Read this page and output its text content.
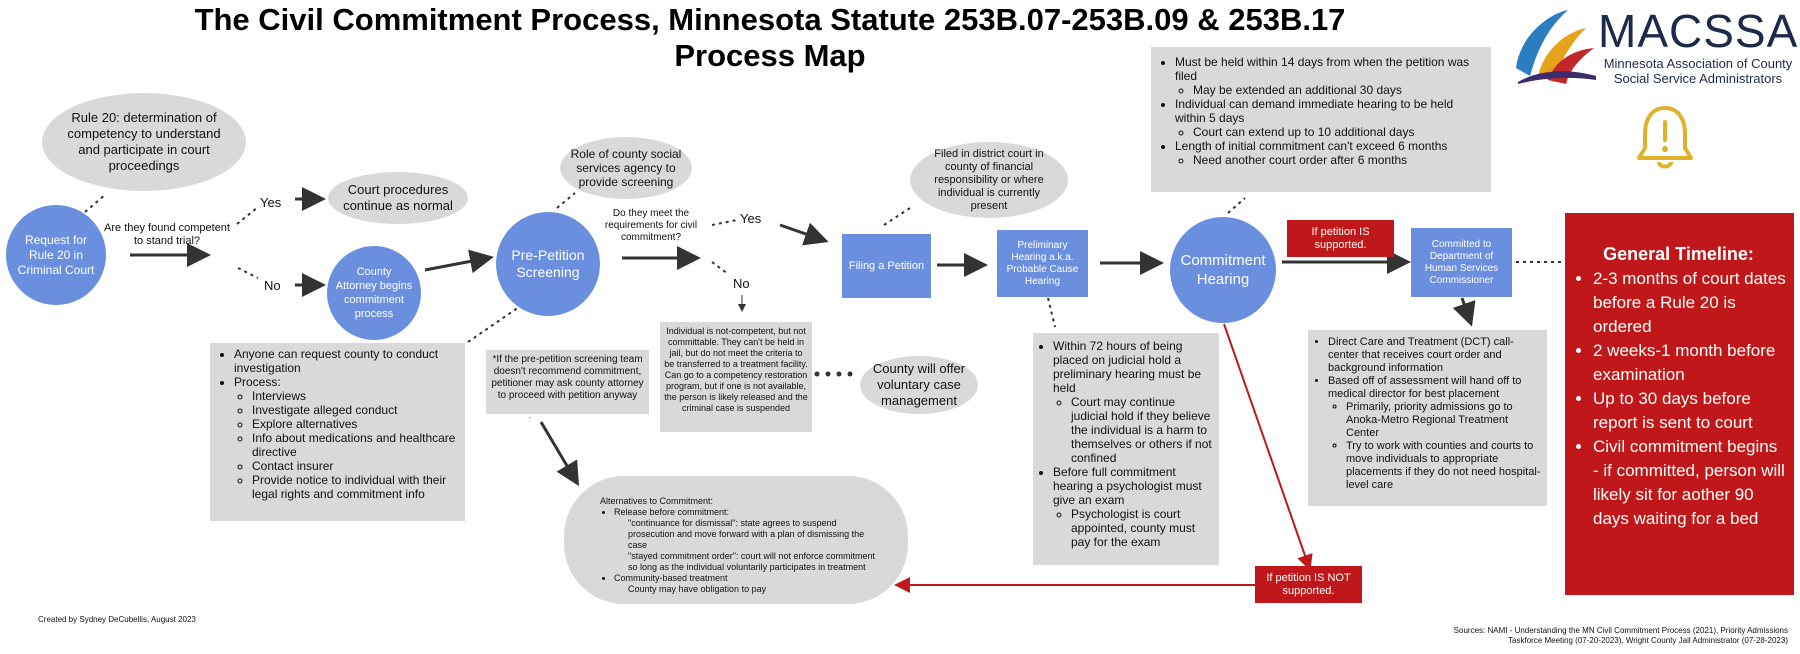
The Civil Commitment Process, Minnesota Statute 253B.07-253B.09 & 253B.17
Process Map	MACSSA
Minnesota Association of County
Social Service Administrators
Rule 20: determination of competency to understand and participate in court proceedings
Request for Rule 20 in Criminal Court
Are they found competent to stand trial?
Yes
No
Court procedures continue as normal
County Attorney begins commitment process
• Anyone can request county to conduct investigation
• Process:
◦ Interviews
◦ Investigate alleged conduct
◦ Explore alternatives
◦ Info about medications and healthcare directive
◦ Contact insurer
◦ Provide notice to individual with their legal rights and commitment info
Role of county social services agency to provide screening
Pre-Petition Screening
Do they meet the requirements for civil commitment?
Yes
No
*If the pre-petition screening team doesn't recommend commitment, petitioner may ask county attorney to proceed with petition anyway
Individual is not-competent, but not committable. They can't be held in jail, but do not meet the criteria to be transferred to a treatment facility. Can go to a competency restoration program, but if one is not available, the person is likely released and the criminal case is suspended
County will offer voluntary case management
Filed in district court in county of financial responsibility or where individual is currently present
Filing a Petition
Preliminary Hearing a.k.a. Probable Cause Hearing
• Within 72 hours of being placed on judicial hold a preliminary hearing must be held
◦ Court may continue judicial hold if they believe the individual is a harm to themselves or others if not confined
• Before full commitment hearing a psychologist must give an exam
◦ Psychologist is court appointed, county must pay for the exam
• Must be held within 14 days from when the petition was filed
◦ May be extended an additional 30 days
• Individual can demand immediate hearing to be held within 5 days
◦ Court can extend up to 10 additional days
• Length of initial commitment can't exceed 6 months
◦ Need another court order after 6 months
Commitment Hearing
If petition IS supported.
If petition IS NOT supported.
Committed to Department of Human Services Commissioner
• Direct Care and Treatment (DCT) call-center that receives court order and background information
• Based off of assessment will hand off to medical director for best placement
◦ Primarily, priority admissions go to Anoka-Metro Regional Treatment Center
◦ Try to work with counties and courts to move individuals to appropriate placements if they do not need hospital-level care
General Timeline:
• 2-3 months of court dates before a Rule 20 is ordered
• 2 weeks-1 month before examination
• Up to 30 days before report is sent to court
• Civil commitment begins - if committed, person will likely sit for aother 90 days waiting for a bed
Alternatives to Commitment:
• Release before commitment:
"continuance for dismissal": state agrees to suspend prosecution and move forward with a plan of dismissing the case
"stayed commitment order": court will not enforce commitment so long as the individual voluntarily participates in treatment
• Community-based treatment
County may have obligation to pay
Created by Sydney DeCubellis, August 2023
Sources: NAMI - Understanding the MN Civil Commitment Process (2021), Priority Admissions
Taskforce Meeting (07-20-2023), Wright County Jail Administrator (07-28-2023)
